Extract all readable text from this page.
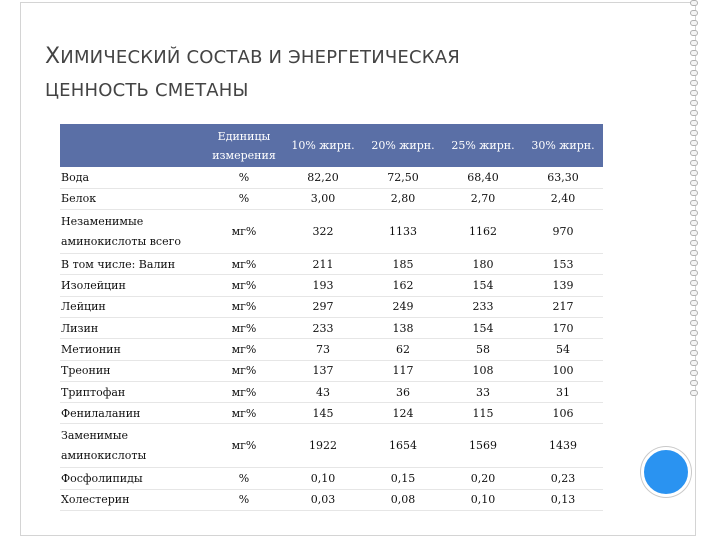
ХИМИЧЕСКИЙ СОСТАВ И ЭНЕРГЕТИЧЕСКАЯ
ЦЕННОСТЬ СМЕТАНЫ
	Единицы измерения	10% жирн.	20% жирн.	25% жирн.	30% жирн.
Вода	%	82,20	72,50	68,40	63,30
Белок	%	3,00	2,80	2,70	2,40
Незаменимые аминокислоты всего	мг%	322	1133	1162	970
В том числе: Валин	мг%	211	185	180	153
Изолейцин	мг%	193	162	154	139
Лейцин	мг%	297	249	233	217
Лизин	мг%	233	138	154	170
Метионин	мг%	73	62	58	54
Треонин	мг%	137	117	108	100
Триптофан	мг%	43	36	33	31
Фенилаланин	мг%	145	124	115	106
Заменимые аминокислоты	мг%	1922	1654	1569	1439
Фосфолипиды	%	0,10	0,15	0,20	0,23
Холестерин	%	0,03	0,08	0,10	0,13
